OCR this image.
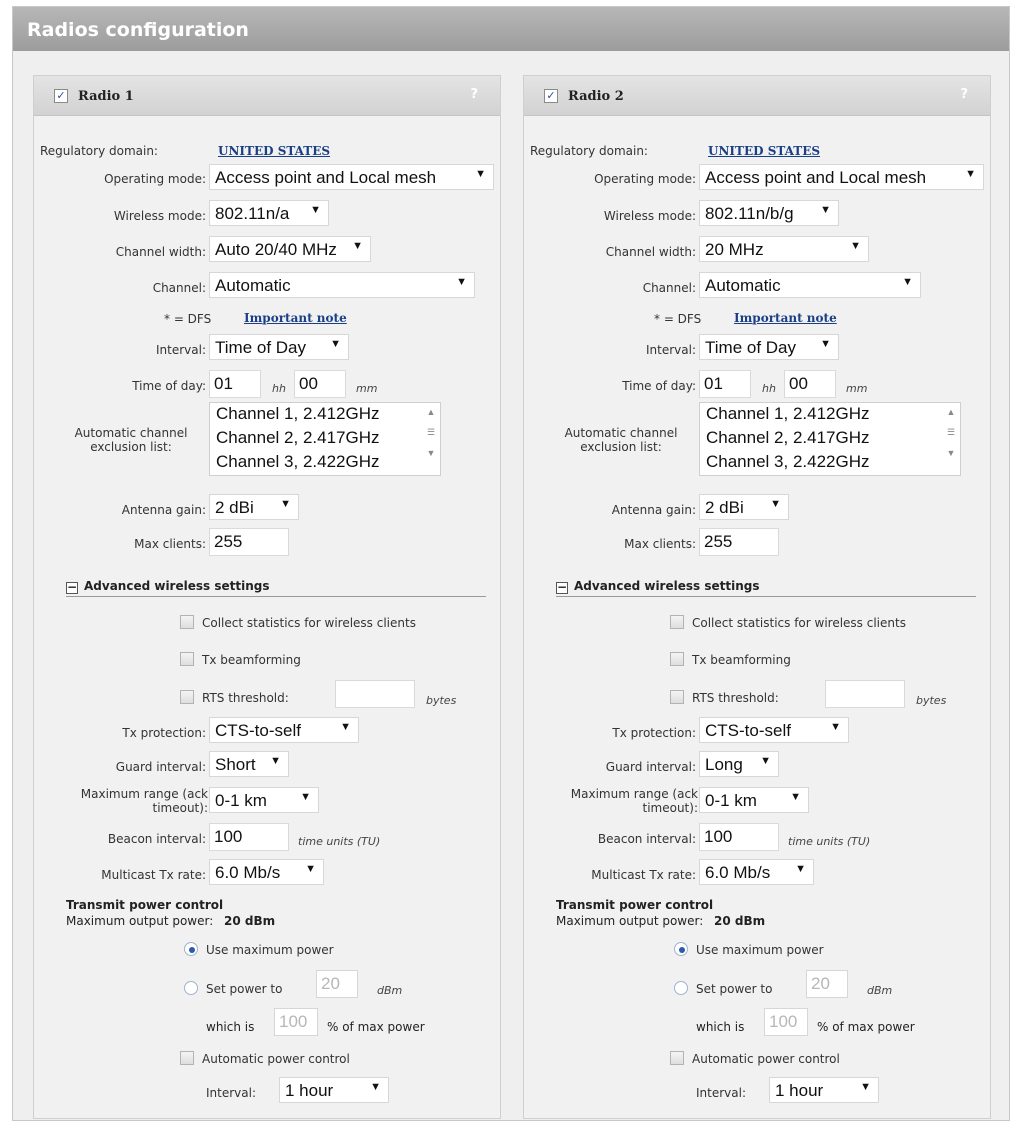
Radios configuration
✓ Radio 1	?
Regulatory domain:	UNITED STATES
Operating mode: Access point and Local mesh	▼
Wireless mode: 802.11n/a ▼
Channel width: Auto 20/40 MHz ▼
Channel: Automatic	▼
* = DFS	Important note
Interval: Time of Day ▼
Time of day: 01	hh 00	mm
Automatic channel exclusion list:
Channel 1, 2.412GHz
Channel 2, 2.417GHz
Channel 3, 2.422GHz
▲

☰

▼
Antenna gain: 2 dBi ▼
Max clients: 255
− Advanced wireless settings
Collect statistics for wireless clients
Tx beamforming
RTS threshold:	bytes
Tx protection: CTS-to-self	▼
Guard interval: Short ▼
Maximum range (ack timeout): 0-1 km	▼
Beacon interval: 100	time units (TU)
Multicast Tx rate: 6.0 Mb/s ▼
Transmit power control
Maximum output power: 20 dBm
Use maximum power
Set power to 20	dBm
which is 100	% of max power
Automatic power control
Interval:	1 hour	▼
✓ Radio 2	?
Regulatory domain:	UNITED STATES
Operating mode: Access point and Local mesh	▼
Wireless mode: 802.11n/b/g ▼
Channel width: 20 MHz	▼
Channel: Automatic	▼
* = DFS	Important note
Interval: Time of Day ▼
Time of day: 01	hh 00	mm
Automatic channel exclusion list:
Channel 1, 2.412GHz
Channel 2, 2.417GHz
Channel 3, 2.422GHz
▲

☰

▼
Antenna gain: 2 dBi ▼
Max clients: 255
− Advanced wireless settings
Collect statistics for wireless clients
Tx beamforming
RTS threshold:	bytes
Tx protection: CTS-to-self	▼
Guard interval: Long ▼
Maximum range (ack timeout): 0-1 km	▼
Beacon interval: 100	time units (TU)
Multicast Tx rate: 6.0 Mb/s ▼
Transmit power control
Maximum output power: 20 dBm
Use maximum power
Set power to 20	dBm
which is 100	% of max power
Automatic power control
Interval:	1 hour	▼
